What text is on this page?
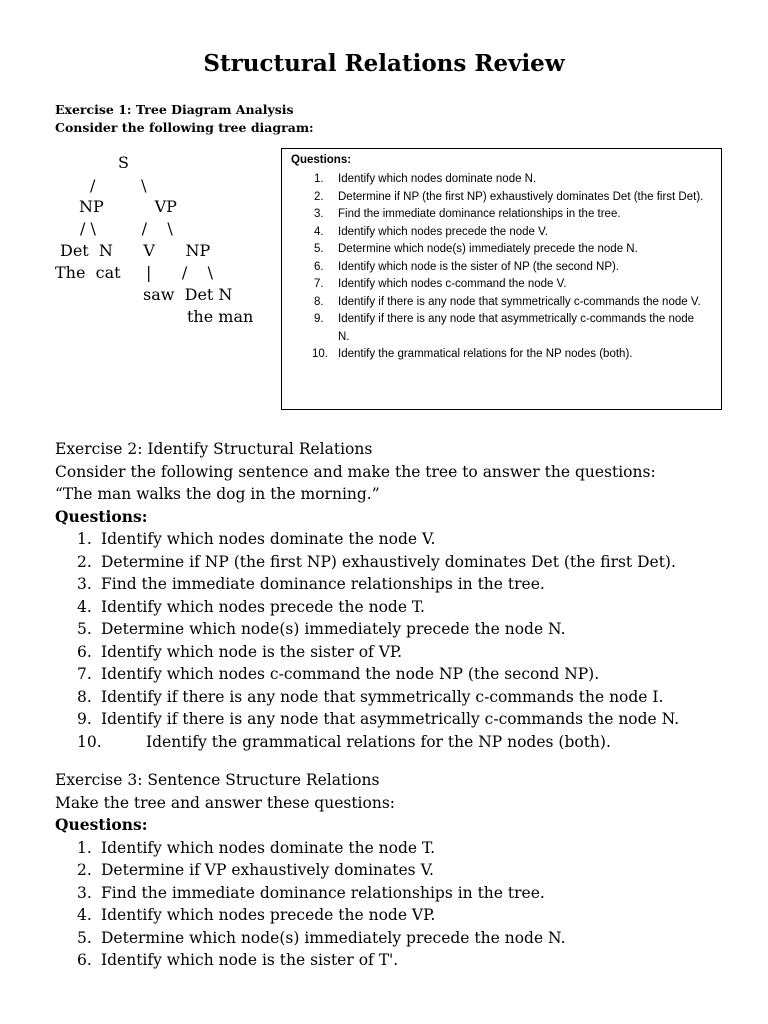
Structural Relations Review
Exercise 1: Tree Diagram Analysis
Consider the following tree diagram:
S
/         \
NP          VP
/ \         /    \
Det  N      V      NP
The  cat     |      /    \
saw  Det N
the man
Questions:
1. Identify which nodes dominate node N.
2. Determine if NP (the first NP) exhaustively dominates Det (the first Det).
3. Find the immediate dominance relationships in the tree.
4. Identify which nodes precede the node V.
5. Determine which node(s) immediately precede the node N.
6. Identify which node is the sister of NP (the second NP).
7. Identify which nodes c-command the node V.
8. Identify if there is any node that symmetrically c-commands the node V.
9. Identify if there is any node that asymmetrically c-commands the node N.
10. Identify the grammatical relations for the NP nodes (both).
Exercise 2: Identify Structural Relations
Consider the following sentence and make the tree to answer the questions:
“The man walks the dog in the morning.”
Questions:
1. Identify which nodes dominate the node V.
2. Determine if NP (the first NP) exhaustively dominates Det (the first Det).
3. Find the immediate dominance relationships in the tree.
4. Identify which nodes precede the node T.
5. Determine which node(s) immediately precede the node N.
6. Identify which node is the sister of VP.
7. Identify which nodes c-command the node NP (the second NP).
8. Identify if there is any node that symmetrically c-commands the node I.
9. Identify if there is any node that asymmetrically c-commands the node N.
10.	Identify the grammatical relations for the NP nodes (both).
Exercise 3: Sentence Structure Relations
Make the tree and answer these questions:
Questions:
1. Identify which nodes dominate the node T.
2. Determine if VP exhaustively dominates V.
3. Find the immediate dominance relationships in the tree.
4. Identify which nodes precede the node VP.
5. Determine which node(s) immediately precede the node N.
6. Identify which node is the sister of T'.
